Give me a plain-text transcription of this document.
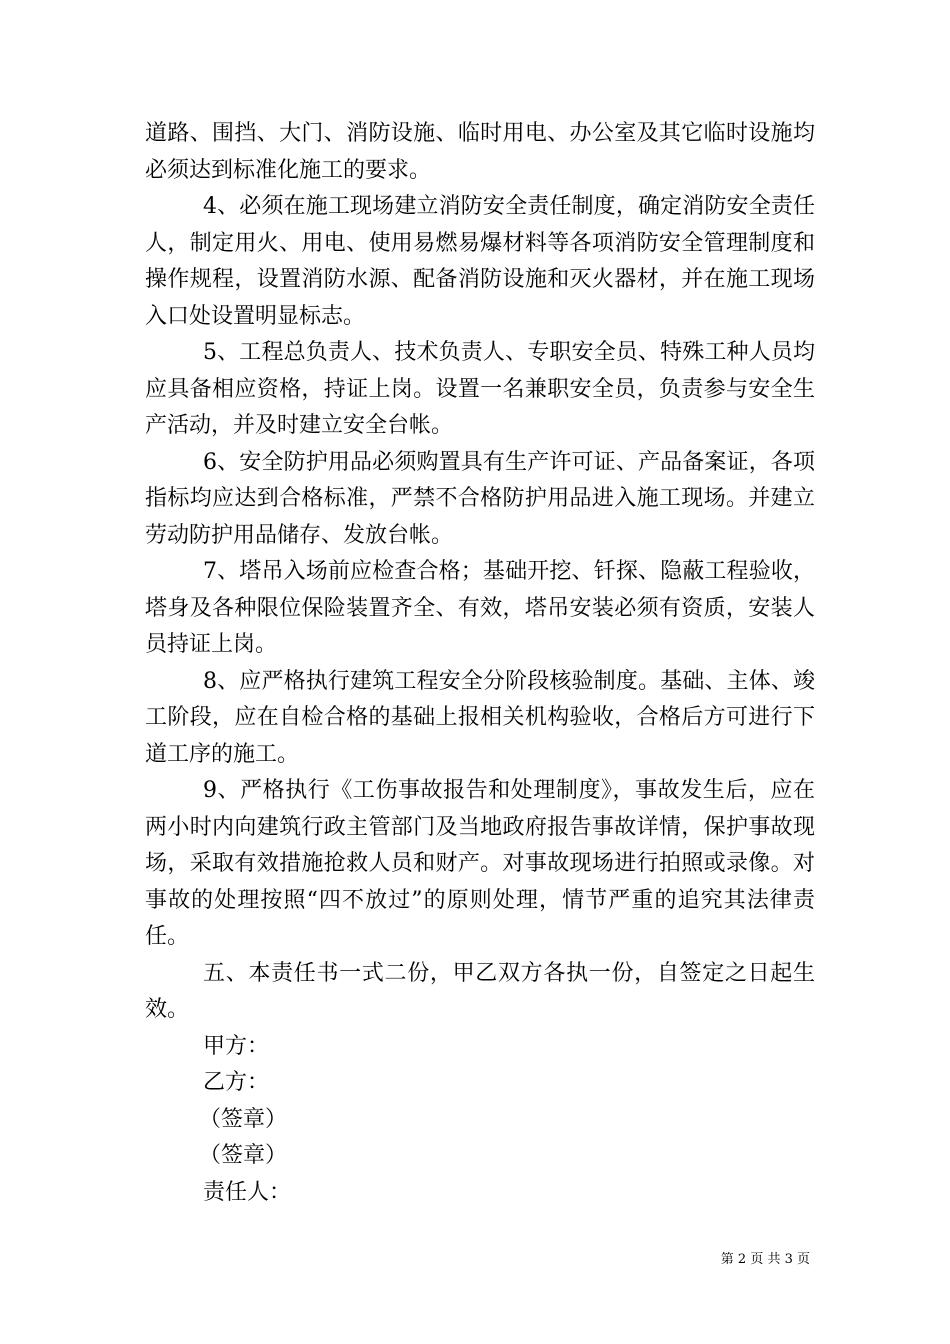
道路、围挡、大门、消防设施、临时用电、办公室及其它临时设施均必须达到标准化施工的要求。

4、必须在施工现场建立消防安全责任制度，确定消防安全责任人，制定用火、用电、使用易燃易爆材料等各项消防安全管理制度和操作规程，设置消防水源、配备消防设施和灭火器材，并在施工现场入口处设置明显标志。

5、工程总负责人、技术负责人、专职安全员、特殊工种人员均应具备相应资格，持证上岗。设置一名兼职安全员，负责参与安全生产活动，并及时建立安全台帐。

6、安全防护用品必须购置具有生产许可证、产品备案证，各项指标均应达到合格标准，严禁不合格防护用品进入施工现场。并建立劳动防护用品储存、发放台帐。

7、塔吊入场前应检查合格；基础开挖、钎探、隐蔽工程验收，塔身及各种限位保险装置齐全、有效，塔吊安装必须有资质，安装人员持证上岗。

8、应严格执行建筑工程安全分阶段核验制度。基础、主体、竣工阶段，应在自检合格的基础上报相关机构验收，合格后方可进行下道工序的施工。

9、严格执行《工伤事故报告和处理制度》，事故发生后，应在两小时内向建筑行政主管部门及当地政府报告事故详情，保护事故现场，采取有效措施抢救人员和财产。对事故现场进行拍照或录像。对事故的处理按照“四不放过”的原则处理，情节严重的追究其法律责任。

五、本责任书一式二份，甲乙双方各执一份，自签定之日起生效。

甲方：

乙方：

（签章）

（签章）

责任人：

第 2 页 共 3 页
